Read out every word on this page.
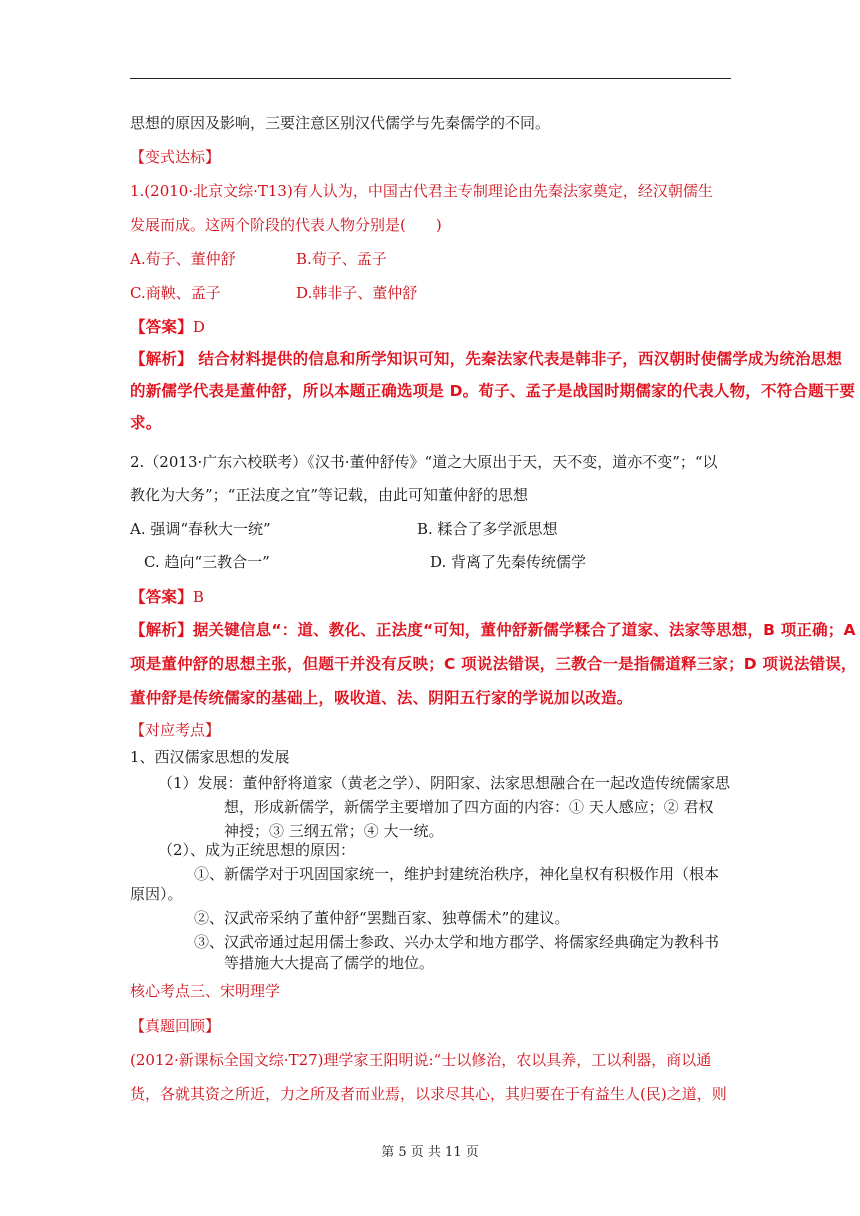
思想的原因及影响，三要注意区别汉代儒学与先秦儒学的不同。
【变式达标】
1.(2010·北京文综·T13)有人认为，中国古代君主专制理论由先秦法家奠定，经汉朝儒生
发展而成。这两个阶段的代表人物分别是(　　)
A.荀子、董仲舒	B.荀子、孟子
C.商鞅、孟子	D.韩非子、董仲舒
【答案】D
【解析】 结合材料提供的信息和所学知识可知，先秦法家代表是韩非子，西汉朝时使儒学成为统治思想
的新儒学代表是董仲舒，所以本题正确选项是 D。荀子、孟子是战国时期儒家的代表人物，不符合题干要
求。
2.（2013·广东六校联考）《汉书·董仲舒传》“道之大原出于天，天不变，道亦不变”；“以
教化为大务”；“正法度之宜”等记载，由此可知董仲舒的思想
A. 强调“春秋大一统”	B. 糅合了多学派思想
C. 趋向“三教合一”	D. 背离了先秦传统儒学
【答案】B
【解析】据关键信息“：道、教化、正法度“可知，董仲舒新儒学糅合了道家、法家等思想，B 项正确；A
项是董仲舒的思想主张，但题干并没有反映；C 项说法错误，三教合一是指儒道释三家；D 项说法错误，
董仲舒是传统儒家的基础上，吸收道、法、阴阳五行家的学说加以改造。
【对应考点】
1、西汉儒家思想的发展
（1）发展：董仲舒将道家（黄老之学）、阴阳家、法家思想融合在一起改造传统儒家思
想，形成新儒学，新儒学主要增加了四方面的内容：① 天人感应；② 君权
神授；③ 三纲五常；④ 大一统。
（2）、成为正统思想的原因：
①、新儒学对于巩固国家统一，维护封建统治秩序，神化皇权有积极作用（根本
原因）。
②、汉武帝采纳了董仲舒“罢黜百家、独尊儒术”的建议。
③、汉武帝通过起用儒士参政、兴办太学和地方郡学、将儒家经典确定为教科书
等措施大大提高了儒学的地位。
核心考点三、宋明理学
【真题回顾】
(2012·新课标全国文综·T27)理学家王阳明说:“士以修治，农以具养，工以利器，商以通
货，各就其资之所近，力之所及者而业焉，以求尽其心，其归要在于有益生人(民)之道，则
第 5 页 共 11 页
